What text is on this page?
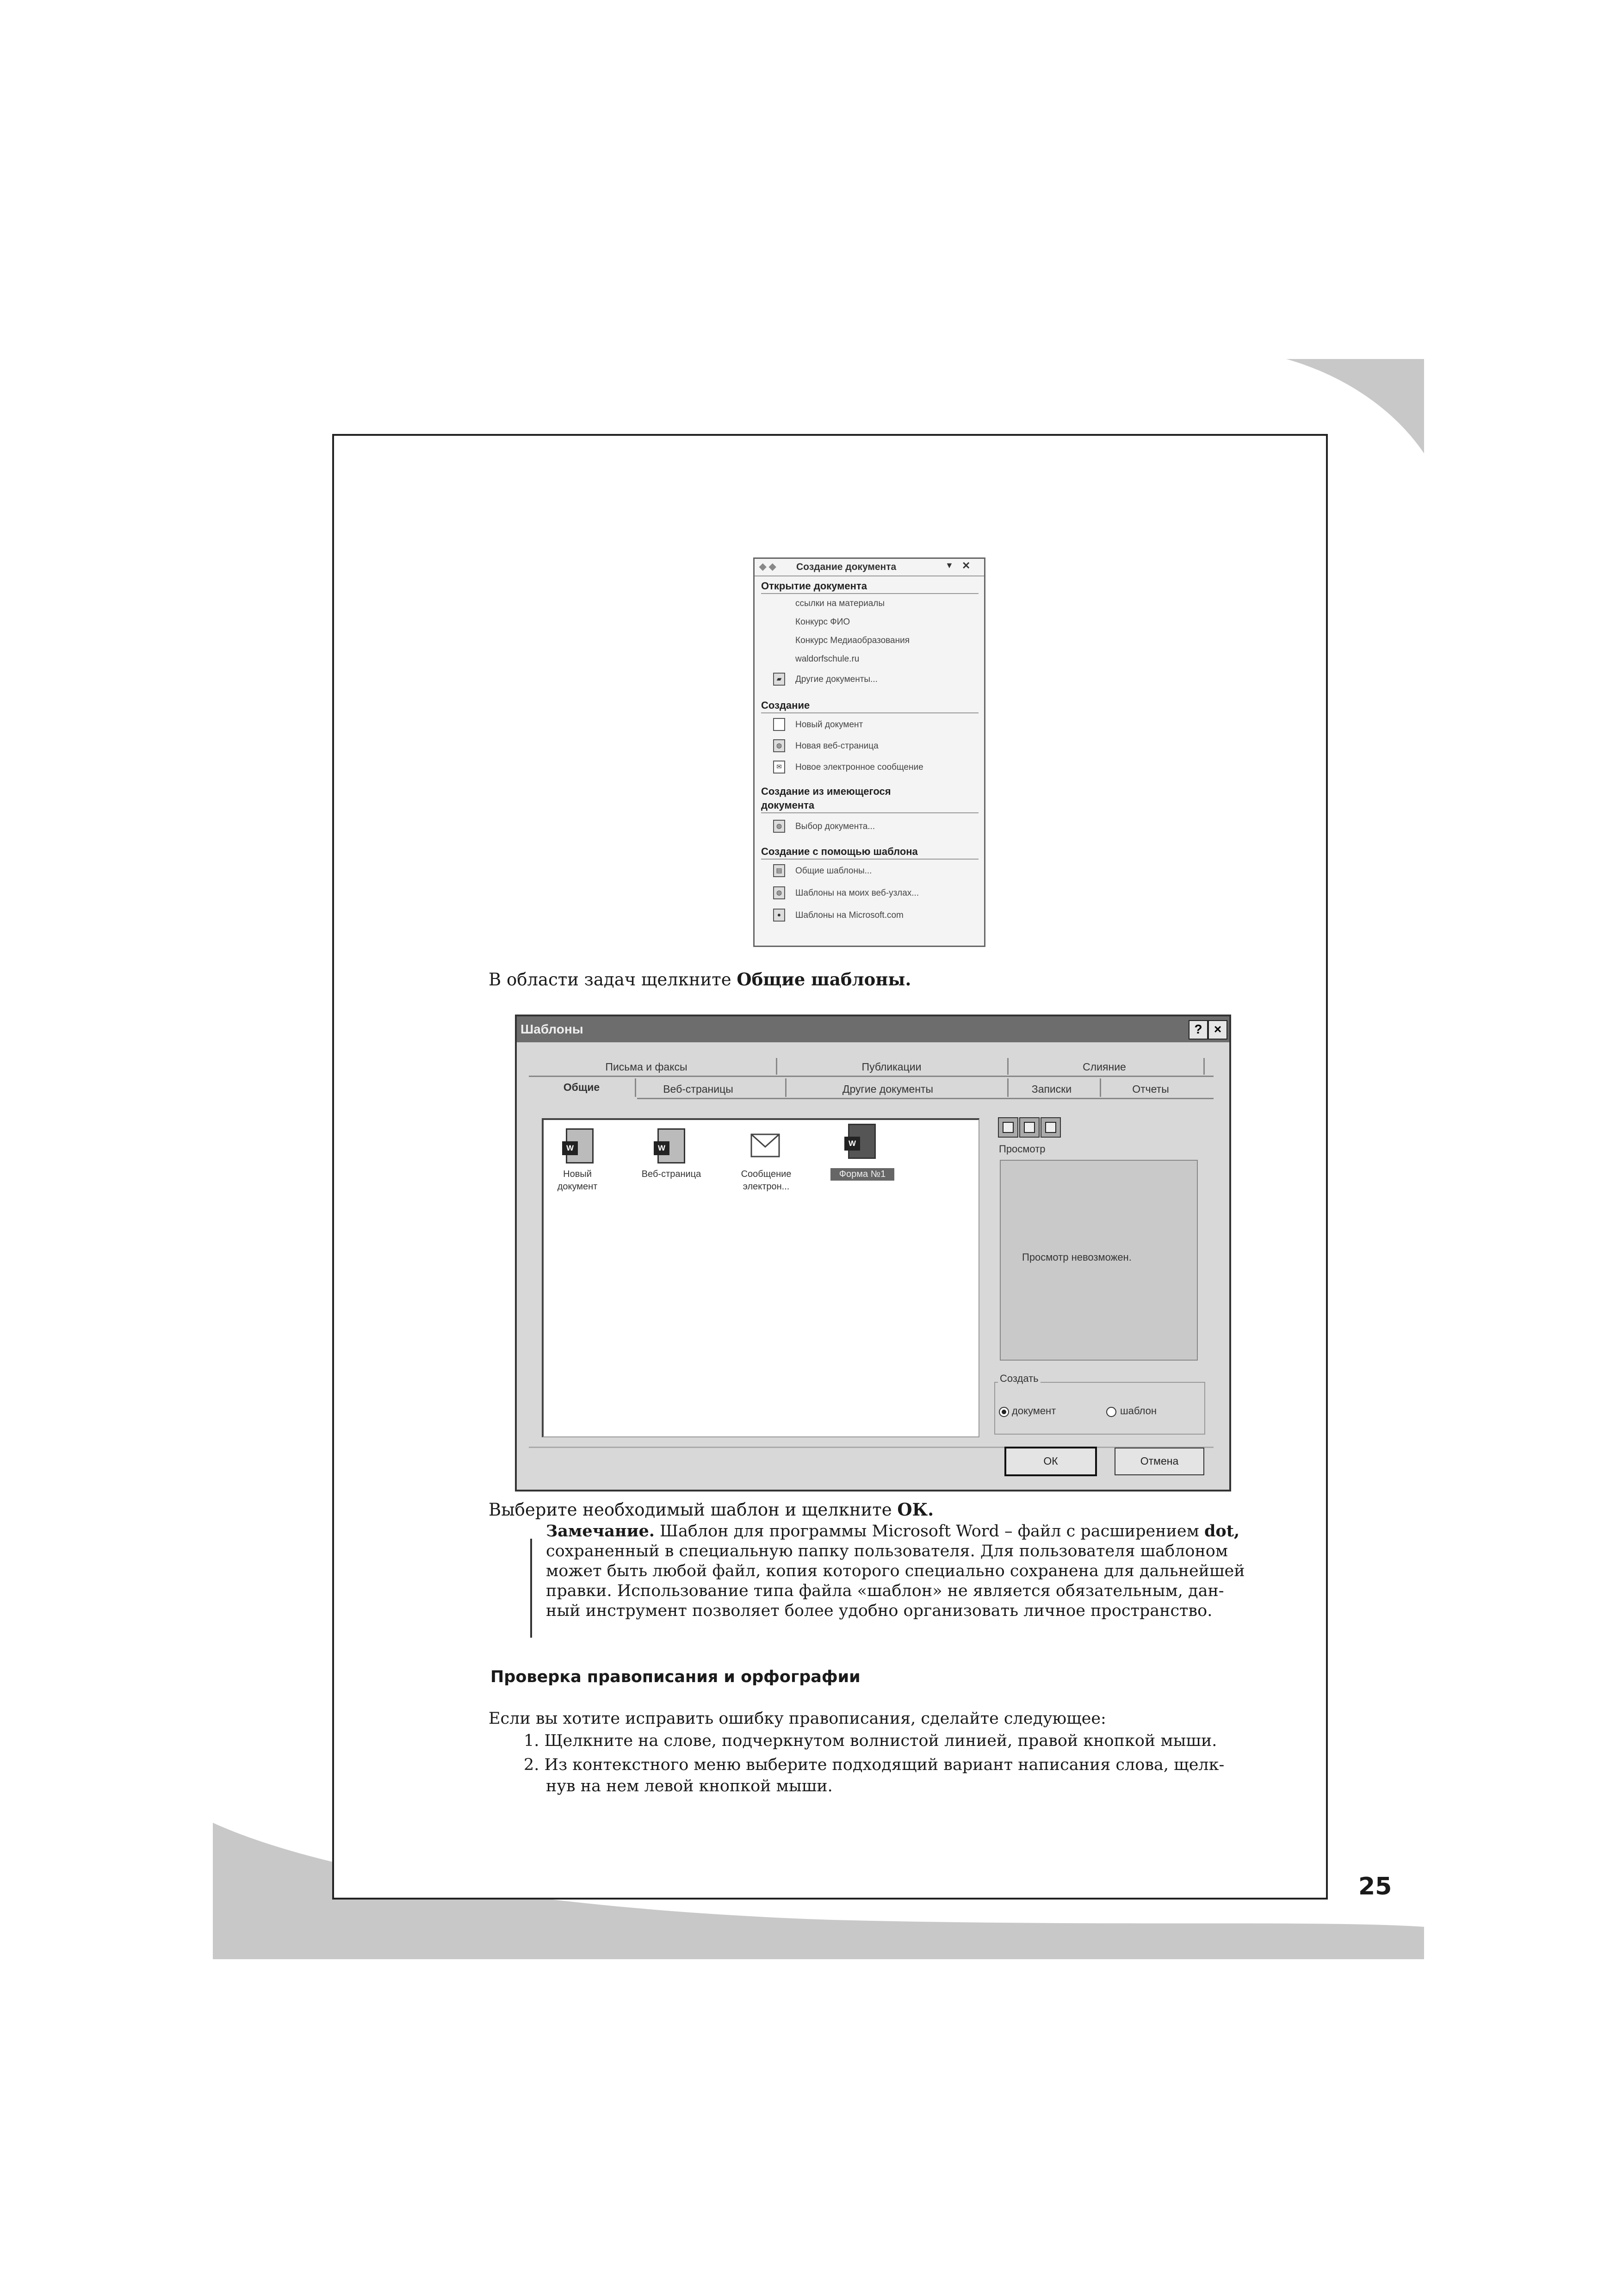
25
◆ ◆ Создание документа	▼ ✕
Открытие документа
ссылки на материалы
Конкурс ФИО
Конкурс Медиаобразования
waldorfschule.ru
▰	Другие документы...
Создание
Новый документ
◍	Новая веб-страница
✉	Новое электронное сообщение
Создание из имеющегося
документа
◍	Выбор документа...
Создание с помощью шаблона
▤	Общие шаблоны...
◍	Шаблоны на моих веб-узлах...
●	Шаблоны на Microsoft.com
В области задач щелкните Общие шаблоны.
Шаблоны	? ×
Письма и факсы	Публикации	Слияние
Общие	Веб-страницы	Другие документы	Записки	Отчеты
W
Новый
документ
W
Веб-страница	Сообщение
электрон...
W
Форма №1
Просмотр
Просмотр невозможен.
Создать
документ	шаблон
ОК	Отмена
Выберите необходимый шаблон и щелкните ОК.
Замечание. Шаблон для программы Microsoft Word – файл с расширением dot,
сохраненный в специальную папку пользователя. Для пользователя шаблоном
может быть любой файл, копия которого специально сохранена для дальнейшей
правки. Использование типа файла «шаблон» не является обязательным, дан-
ный инструмент позволяет более удобно организовать личное пространство.
Проверка правописания и орфографии
Если вы хотите исправить ошибку правописания, сделайте следующее:
1. Щелкните на слове, подчеркнутом волнистой линией, правой кнопкой мыши.
2. Из контекстного меню выберите подходящий вариант написания слова, щелк-
нув на нем левой кнопкой мыши.
